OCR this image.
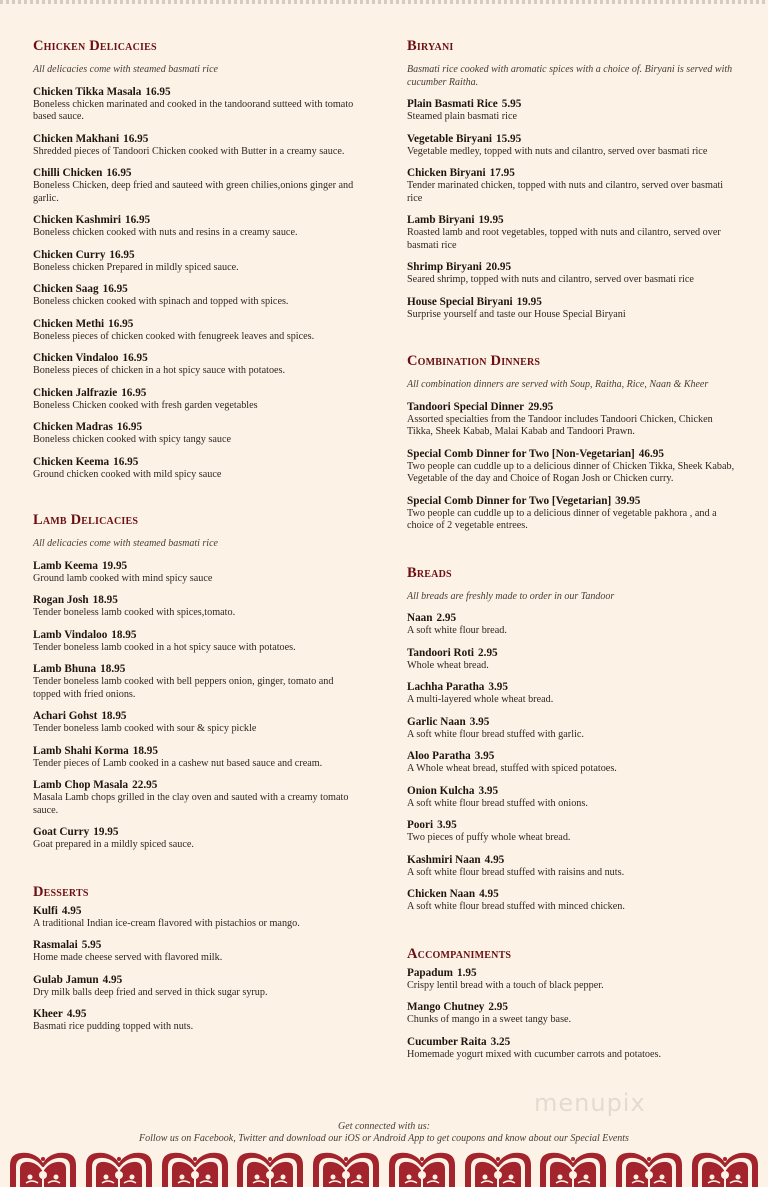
Chicken Delicacies
All delicacies come with steamed basmati rice
Chicken Tikka Masala 16.95
Boneless chicken marinated and cooked in the tandoorand sutteed with tomato based sauce.
Chicken Makhani 16.95
Shredded pieces of Tandoori Chicken cooked with Butter in a creamy sauce.
Chilli Chicken 16.95
Boneless Chicken, deep fried and sauteed with green chilies,onions ginger and garlic.
Chicken Kashmiri 16.95
Boneless chicken cooked with nuts and resins in a creamy sauce.
Chicken Curry 16.95
Boneless chicken Prepared in mildly spiced sauce.
Chicken Saag 16.95
Boneless chicken cooked with spinach and topped with spices.
Chicken Methi 16.95
Boneless pieces of chicken cooked with fenugreek leaves and spices.
Chicken Vindaloo 16.95
Boneless pieces of chicken in a hot spicy sauce with potatoes.
Chicken Jalfrazie 16.95
Boneless Chicken cooked with fresh garden vegetables
Chicken Madras 16.95
Boneless chicken cooked with spicy tangy sauce
Chicken Keema 16.95
Ground chicken cooked with mild spicy sauce
Lamb Delicacies
All delicacies come with steamed basmati rice
Lamb Keema 19.95
Ground lamb cooked with mind spicy sauce
Rogan Josh 18.95
Tender boneless lamb cooked with spices,tomato.
Lamb Vindaloo 18.95
Tender boneless lamb cooked in a hot spicy sauce with potatoes.
Lamb Bhuna 18.95
Tender boneless lamb cooked with bell peppers onion, ginger, tomato and topped with fried onions.
Achari Gohst 18.95
Tender boneless lamb cooked with sour & spicy pickle
Lamb Shahi Korma 18.95
Tender pieces of Lamb cooked in a cashew nut based sauce and cream.
Lamb Chop Masala 22.95
Masala Lamb chops grilled in the clay oven and sauted with a creamy tomato sauce.
Goat Curry 19.95
Goat prepared in a mildly spiced sauce.
Desserts
Kulfi 4.95
A traditional Indian ice-cream flavored with pistachios or mango.
Rasmalai 5.95
Home made cheese served with flavored milk.
Gulab Jamun 4.95
Dry milk balls deep fried and served in thick sugar syrup.
Kheer 4.95
Basmati rice pudding topped with nuts.
Biryani
Basmati rice cooked with aromatic spices with a choice of. Biryani is served with cucumber Raitha.
Plain Basmati Rice 5.95
Steamed plain basmati rice
Vegetable Biryani 15.95
Vegetable medley, topped with nuts and cilantro, served over basmati rice
Chicken Biryani 17.95
Tender marinated chicken, topped with nuts and cilantro, served over basmati rice
Lamb Biryani 19.95
Roasted lamb and root vegetables, topped with nuts and cilantro, served over basmati rice
Shrimp Biryani 20.95
Seared shrimp, topped with nuts and cilantro, served over basmati rice
House Special Biryani 19.95
Surprise yourself and taste our House Special Biryani
Combination Dinners
All combination dinners are served with Soup, Raitha, Rice, Naan & Kheer
Tandoori Special Dinner 29.95
Assorted specialties from the Tandoor includes Tandoori Chicken, Chicken Tikka, Sheek Kabab, Malai Kabab and Tandoori Prawn.
Special Comb Dinner for Two [Non-Vegetarian] 46.95
Two people can cuddle up to a delicious dinner of Chicken Tikka, Sheek Kabab, Vegetable of the day and Choice of Rogan Josh or Chicken curry.
Special Comb Dinner for Two [Vegetarian] 39.95
Two people can cuddle up to a delicious dinner of vegetable pakhora , and a choice of 2 vegetable entrees.
Breads
All breads are freshly made to order in our Tandoor
Naan 2.95
A soft white flour bread.
Tandoori Roti 2.95
Whole wheat bread.
Lachha Paratha 3.95
A multi-layered whole wheat bread.
Garlic Naan 3.95
A soft white flour bread stuffed with garlic.
Aloo Paratha 3.95
A Whole wheat bread, stuffed with spiced potatoes.
Onion Kulcha 3.95
A soft white flour bread stuffed with onions.
Poori 3.95
Two pieces of puffy whole wheat bread.
Kashmiri Naan 4.95
A soft white flour bread stuffed with raisins and nuts.
Chicken Naan 4.95
A soft white flour bread stuffed with minced chicken.
Accompaniments
Papadum 1.95
Crispy lentil bread with a touch of black pepper.
Mango Chutney 2.95
Chunks of mango in a sweet tangy base.
Cucumber Raita 3.25
Homemade yogurt mixed with cucumber carrots and potatoes.
Get connected with us:
Follow us on Facebook, Twitter and download our iOS or Android App to get coupons and know about our Special Events
menupix
